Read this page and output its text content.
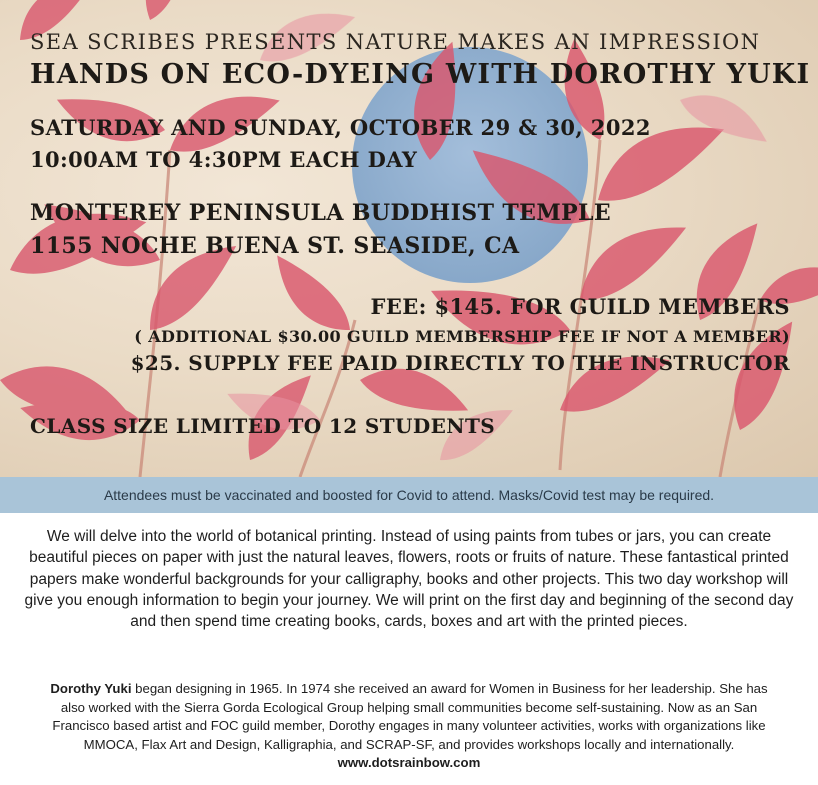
SEA SCRIBES PRESENTS NATURE MAKES AN IMPRESSION
HANDS ON ECO-DYEING WITH DOROTHY YUKI
SATURDAY AND SUNDAY, OCTOBER 29 & 30, 2022
10:00AM TO 4:30PM EACH DAY
MONTEREY PENINSULA BUDDHIST TEMPLE
1155 NOCHE BUENA ST. SEASIDE, CA
FEE: $145. FOR GUILD MEMBERS
( ADDITIONAL $30.00 GUILD MEMBERSHIP FEE IF NOT A MEMBER)
$25. SUPPLY FEE PAID DIRECTLY TO THE INSTRUCTOR
CLASS SIZE LIMITED TO 12 STUDENTS
Attendees must be vaccinated and boosted for Covid to attend. Masks/Covid test may be required.

We will delve into the world of botanical printing. Instead of using paints from tubes or jars, you can create beautiful pieces on paper with just the natural leaves, flowers, roots or fruits of nature. These fantastical printed papers make wonderful backgrounds for your calligraphy, books and other projects. This two day workshop will give you enough information to begin your journey. We will print on the first day and beginning of the second day and then spend time creating books, cards, boxes and art with the printed pieces.

Dorothy Yuki began designing in 1965. In 1974 she received an award for Women in Business for her leadership. She has also worked with the Sierra Gorda Ecological Group helping small communities become self-sustaining. Now as an San Francisco based artist and FOC guild member, Dorothy engages in many volunteer activities, works with organizations like MMOCA, Flax Art and Design, Kalligraphia, and SCRAP-SF, and provides workshops locally and internationally. www.dotsrainbow.com
